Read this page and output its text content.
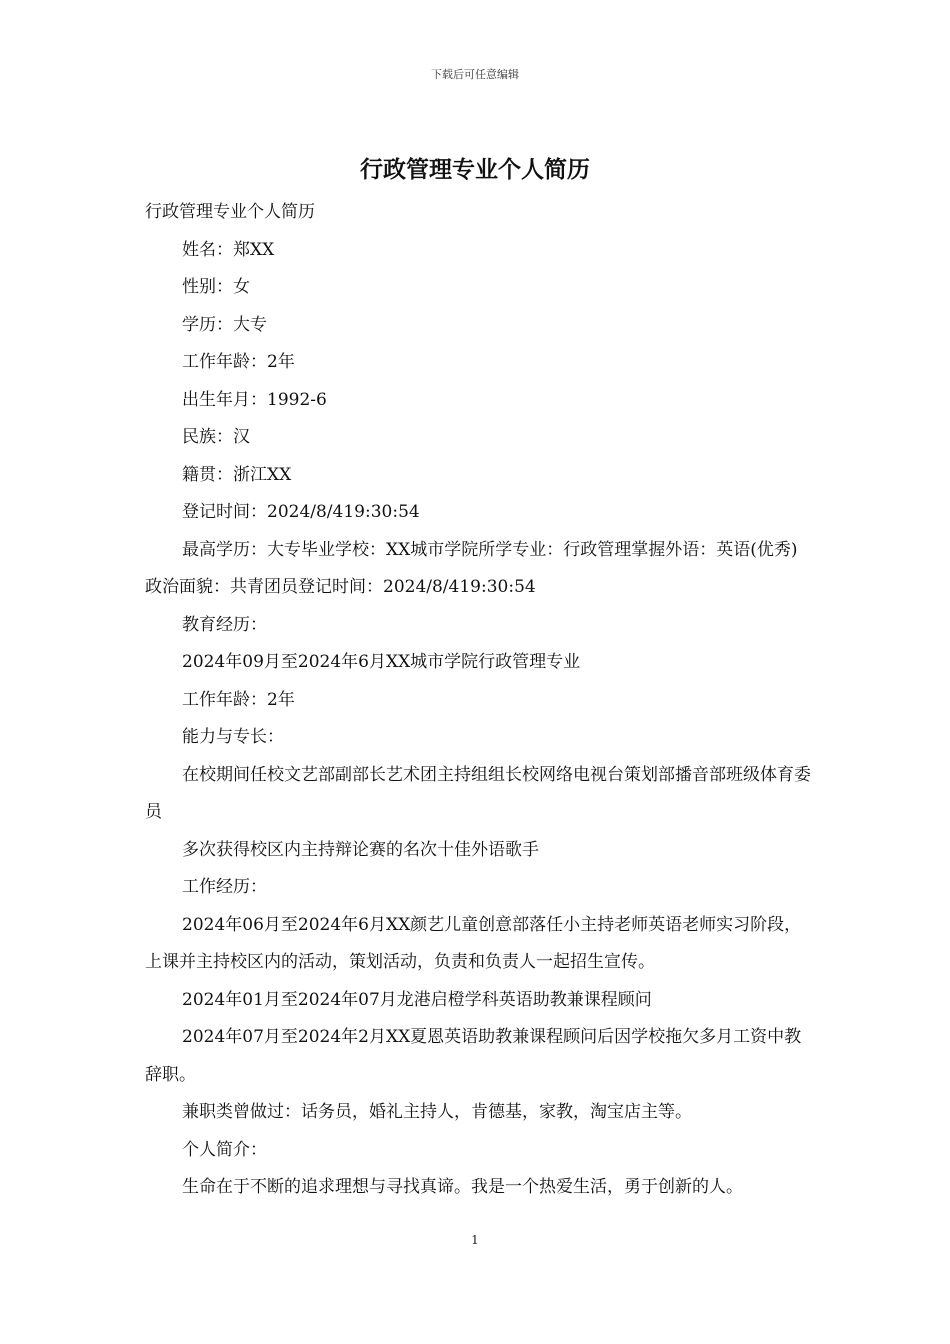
下载后可任意编辑
行政管理专业个人简历

行政管理专业个人简历

姓名：郑XX

性别：女

学历：大专

工作年龄：2年

出生年月：1992-6

民族：汉

籍贯：浙江XX

登记时间：2024/8/419:30:54

最高学历：大专毕业学校：XX城市学院所学专业：行政管理掌握外语：英语(优秀)政治面貌：共青团员登记时间：2024/8/419:30:54

教育经历：

2024年09月至2024年6月XX城市学院行政管理专业

工作年龄：2年

能力与专长：

在校期间任校文艺部副部长艺术团主持组组长校网络电视台策划部播音部班级体育委员

多次获得校区内主持辩论赛的名次十佳外语歌手

工作经历：

2024年06月至2024年6月XX颜艺儿童创意部落任小主持老师英语老师实习阶段，上课并主持校区内的活动，策划活动，负责和负责人一起招生宣传。

2024年01月至2024年07月龙港启橙学科英语助教兼课程顾问

2024年07月至2024年2月XX夏恩英语助教兼课程顾问后因学校拖欠多月工资中教辞职。

兼职类曾做过：话务员，婚礼主持人，肯德基，家教，淘宝店主等。

个人简介：

生命在于不断的追求理想与寻找真谛。我是一个热爱生活，勇于创新的人。

1
